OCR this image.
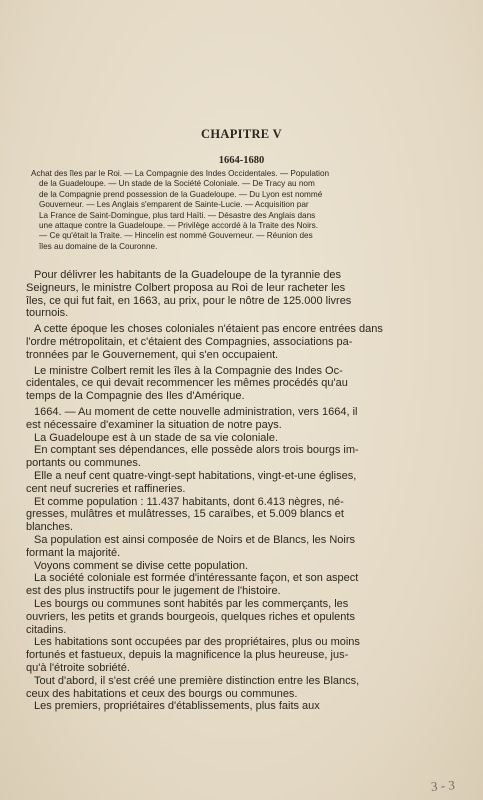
CHAPITRE V
1664-1680
Achat des îles par le Roi. — La Compagnie des Indes Occidentales. — Population
de la Guadeloupe. — Un stade de la Société Coloniale. — De Tracy au nom
de la Compagnie prend possession de la Guadeloupe. — Du Lyon est nommé
Gouverneur. — Les Anglais s'emparent de Sainte-Lucie. — Acquisition par
La France de Saint-Domingue, plus tard Haïti. — Désastre des Anglais dans
une attaque contre la Guadeloupe. — Privilège accordé à la Traite des Noirs.
— Ce qu'était la Traite. — Hincelin est nommé Gouverneur. — Réunion des
îles au domaine de la Couronne.
Pour délivrer les habitants de la Guadeloupe de la tyrannie des
Seigneurs, le ministre Colbert proposa au Roi de leur racheter les
îles, ce qui fut fait, en 1663, au prix, pour le nôtre de 125.000 livres
tournois.
A cette époque les choses coloniales n'étaient pas encore entrées dans
l'ordre métropolitain, et c'étaient des Compagnies, associations pa-
tronnées par le Gouvernement, qui s'en occupaient.
Le ministre Colbert remit les îles à la Compagnie des Indes Oc-
cidentales, ce qui devait recommencer les mêmes procédés qu'au
temps de la Compagnie des Iles d'Amérique.
1664. — Au moment de cette nouvelle administration, vers 1664, il
est nécessaire d'examiner la situation de notre pays.
La Guadeloupe est à un stade de sa vie coloniale.
En comptant ses dépendances, elle possède alors trois bourgs im-
portants ou communes.
Elle a neuf cent quatre-vingt-sept habitations, vingt-et-une églises,
cent neuf sucreries et raffineries.
Et comme population : 11.437 habitants, dont 6.413 nègres, né-
gresses, mulâtres et mulâtresses, 15 caraïbes, et 5.009 blancs et
blanches.
Sa population est ainsi composée de Noirs et de Blancs, les Noirs
formant la majorité.
Voyons comment se divise cette population.
La société coloniale est formée d'intéressante façon, et son aspect
est des plus instructifs pour le jugement de l'histoire.
Les bourgs ou communes sont habités par les commerçants, les
ouvriers, les petits et grands bourgeois, quelques riches et opulents
citadins.
Les habitations sont occupées par des propriétaires, plus ou moins
fortunés et fastueux, depuis la magnificence la plus heureuse, jus-
qu'à l'étroite sobriété.
Tout d'abord, il s'est créé une première distinction entre les Blancs,
ceux des habitations et ceux des bourgs ou communes.
Les premiers, propriétaires d'établissements, plus faits aux
3 - 3
